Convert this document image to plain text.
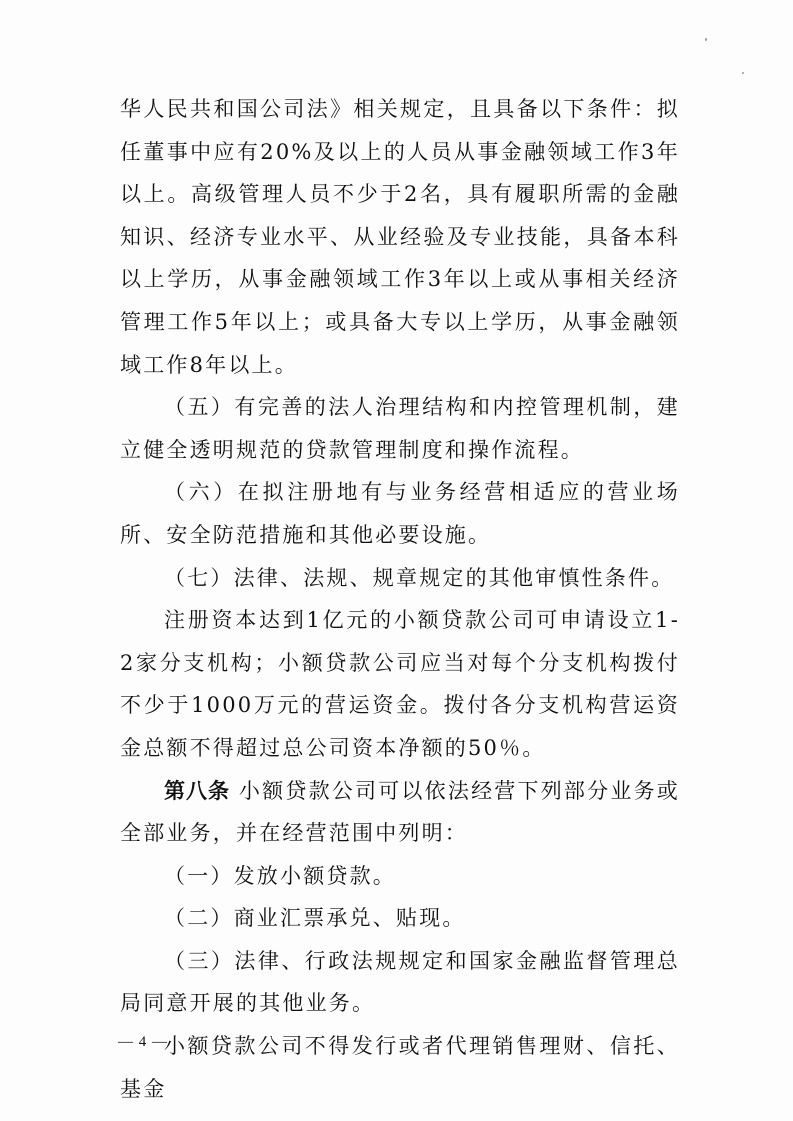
华人民共和国公司法》相关规定，且具备以下条件：拟任董事中应有20%及以上的人员从事金融领域工作3年以上。高级管理人员不少于2名，具有履职所需的金融知识、经济专业水平、从业经验及专业技能，具备本科以上学历，从事金融领域工作3年以上或从事相关经济管理工作5年以上；或具备大专以上学历，从事金融领域工作8年以上。

（五）有完善的法人治理结构和内控管理机制，建立健全透明规范的贷款管理制度和操作流程。

（六）在拟注册地有与业务经营相适应的营业场所、安全防范措施和其他必要设施。

（七）法律、法规、规章规定的其他审慎性条件。

注册资本达到1亿元的小额贷款公司可申请设立1-2家分支机构；小额贷款公司应当对每个分支机构拨付不少于1000万元的营运资金。拨付各分支机构营运资金总额不得超过总公司资本净额的50％。

第八条 小额贷款公司可以依法经营下列部分业务或全部业务，并在经营范围中列明：

（一）发放小额贷款。

（二）商业汇票承兑、贴现。

（三）法律、行政法规规定和国家金融监督管理总局同意开展的其他业务。

小额贷款公司不得发行或者代理销售理财、信托、基金

— 4 —
